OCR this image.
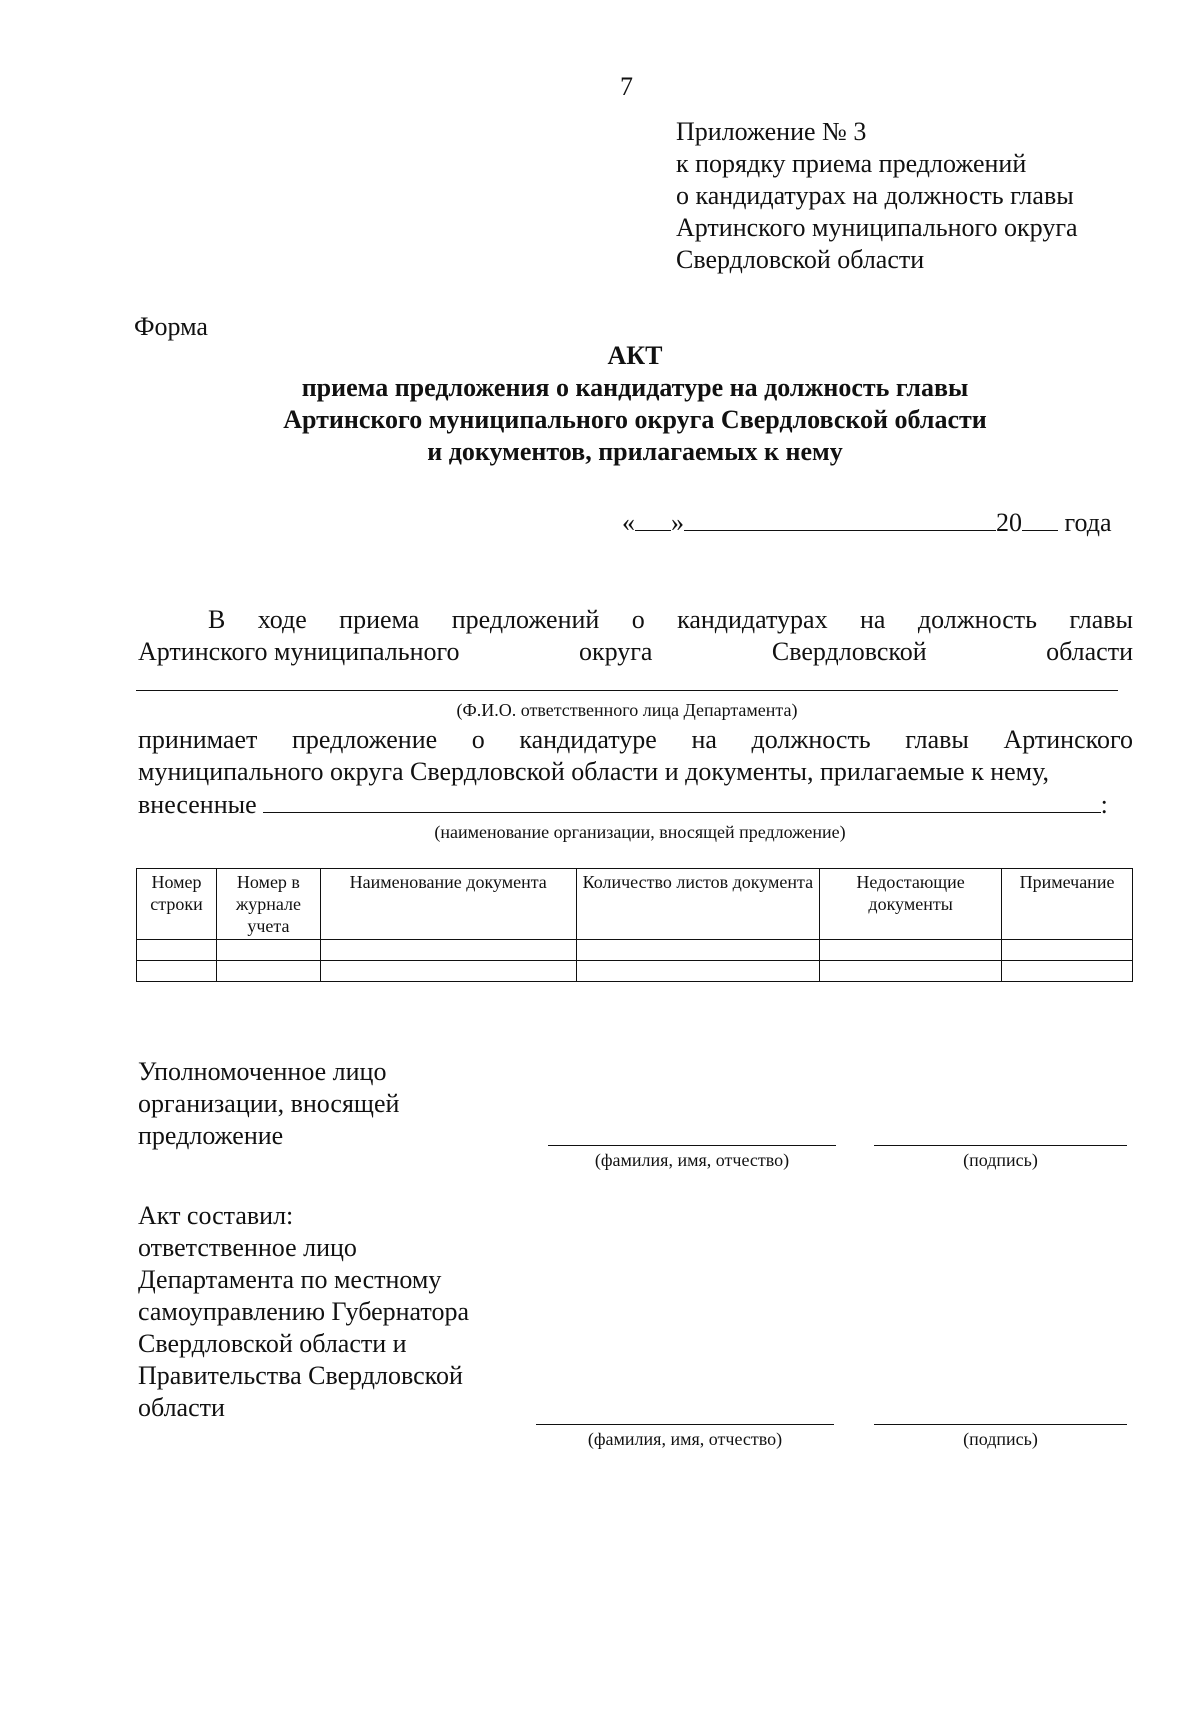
7
Приложение № 3
к порядку приема предложений
о кандидатурах на должность главы
Артинского муниципального округа
Свердловской области
Форма
АКТ
приема предложения о кандидатуре на должность главы
Артинского муниципального округа Свердловской области
и документов, прилагаемых к нему
« »	20 года
В ходе приема предложений о кандидатурах на должность главы
Артинского муниципального	округа	Свердловской	области
(Ф.И.О. ответственного лица Департамента)
принимает предложение о кандидатуре на должность главы Артинского
муниципального округа Свердловской области и документы, прилагаемые к нему,
внесенные	:
(наименование организации, вносящей предложение)
Номер строки	Номер в журнале учета	Наименование документа	Количество листов документа	Недостающие документы	Примечание

Уполномоченное лицо
организации, вносящей
предложение
(фамилия, имя, отчество)	(подпись)
Акт составил:
ответственное лицо
Департамента по местному
самоуправлению Губернатора
Свердловской области и
Правительства Свердловской
области
(фамилия, имя, отчество)	(подпись)
